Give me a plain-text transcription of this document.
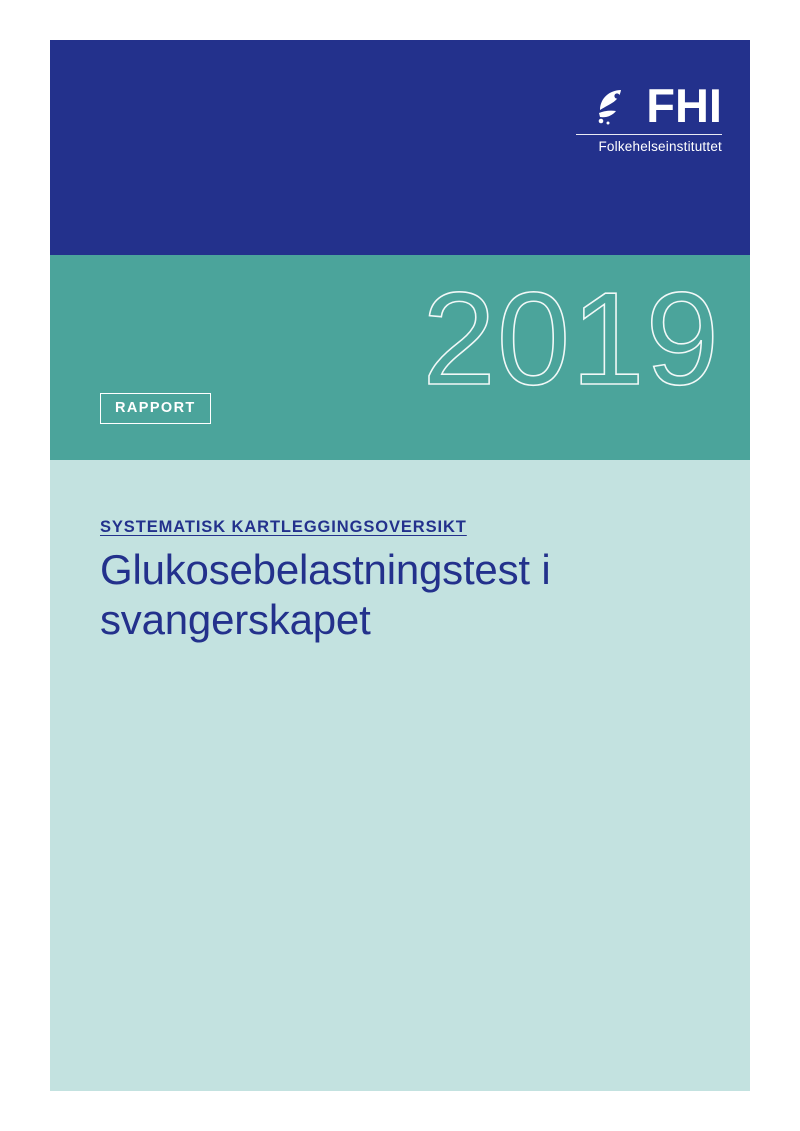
FHI
Folkehelseinstituttet
2019
RAPPORT
SYSTEMATISK KARTLEGGINGSOVERSIKT
Glukosebelastningstest i svangerskapet
